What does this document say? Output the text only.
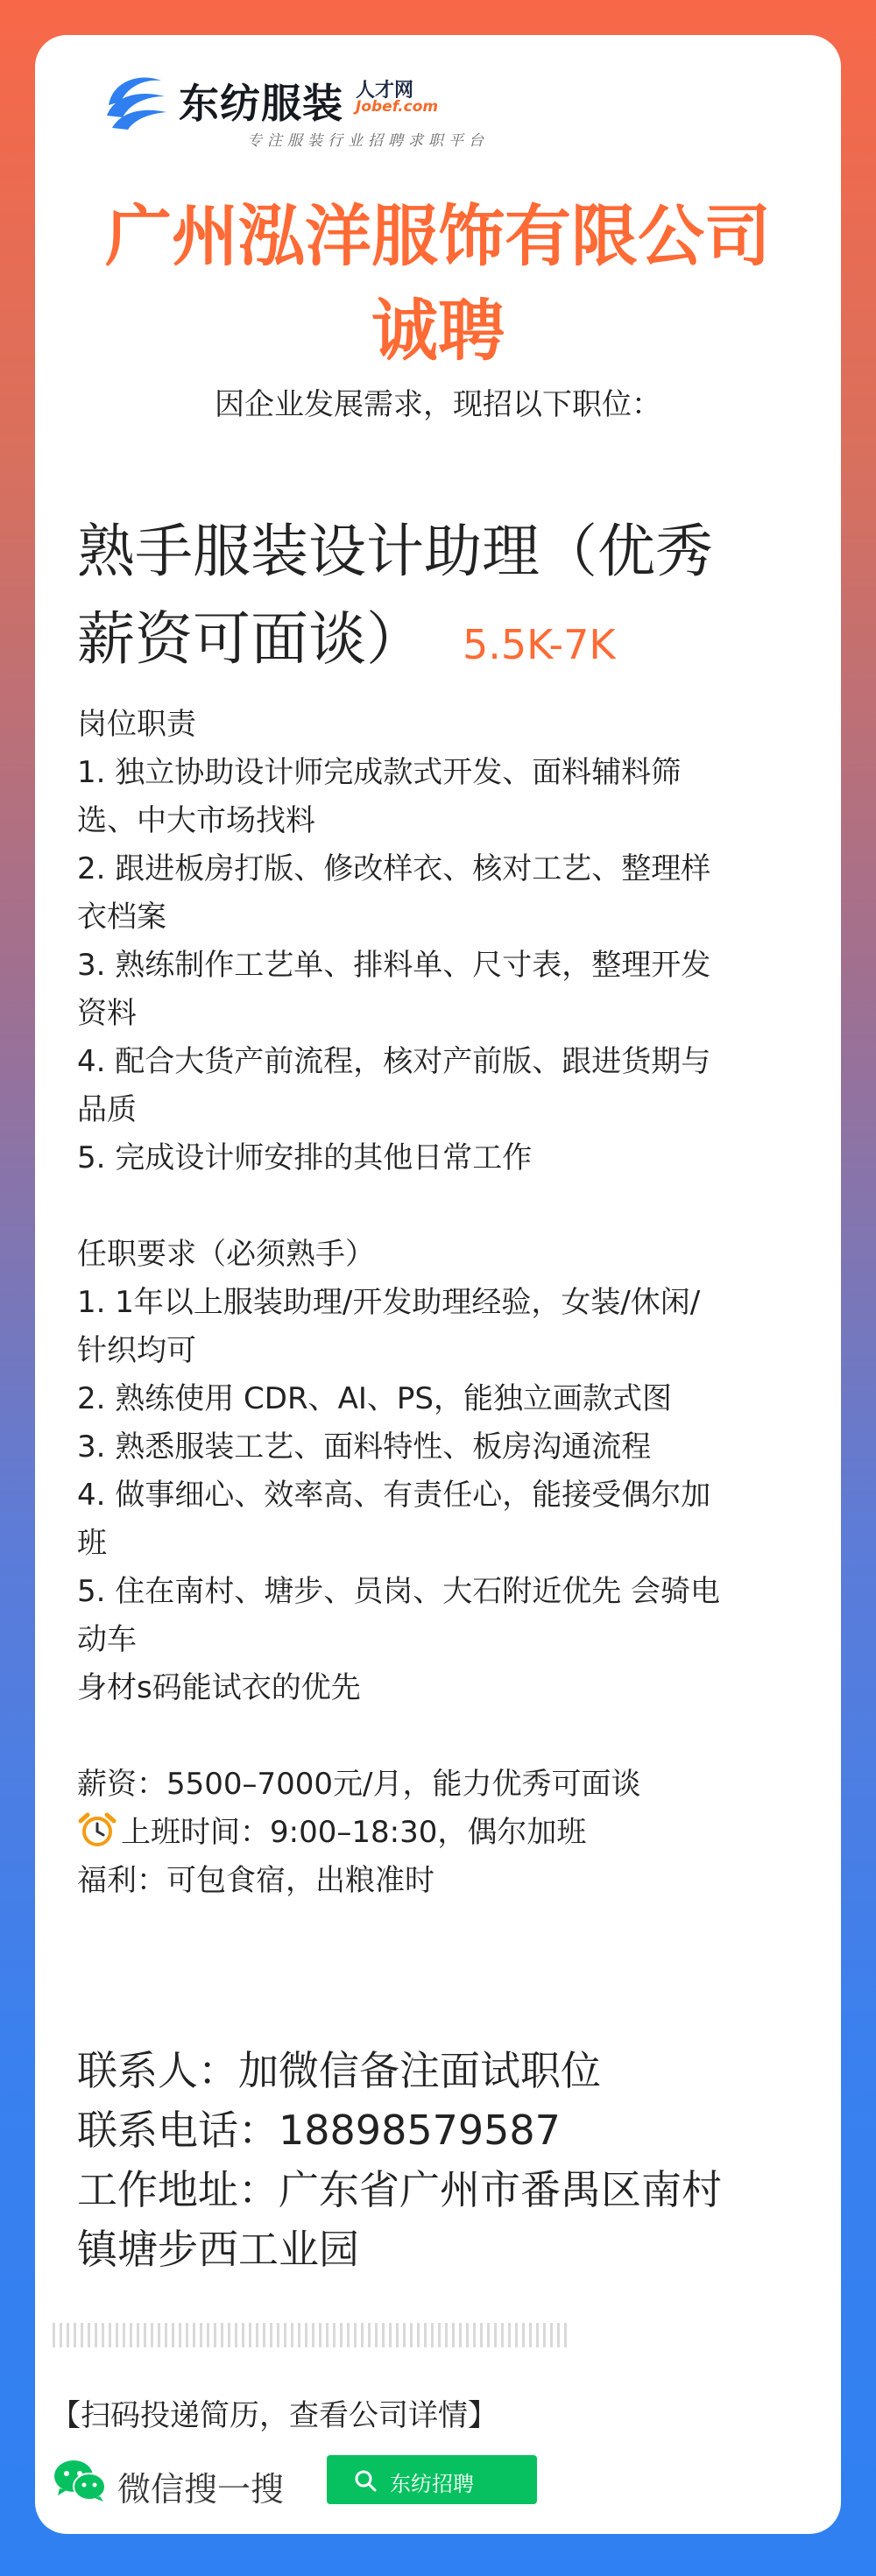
东纺服装 人才网
Jobef.com
专注服装行业招聘求职平台
广州泓洋服饰有限公司
诚聘
因企业发展需求，现招以下职位：
熟手服装设计助理（优秀
薪资可面谈） 5.5K-7K
岗位职责
1. 独立协助设计师完成款式开发、面料辅料筛
选、中大市场找料
2. 跟进板房打版、修改样衣、核对工艺、整理样
衣档案
3. 熟练制作工艺单、排料单、尺寸表，整理开发
资料
4. 配合大货产前流程，核对产前版、跟进货期与
品质
5. 完成设计师安排的其他日常工作
任职要求（必须熟手）
1. 1年以上服装助理/开发助理经验，女装/休闲/
针织均可
2. 熟练使用 CDR、AI、PS，能独立画款式图
3. 熟悉服装工艺、面料特性、板房沟通流程
4. 做事细心、效率高、有责任心，能接受偶尔加
班
5. 住在南村、塘步、员岗、大石附近优先 会骑电
动车
身材s码能试衣的优先
薪资：5500–7000元/月，能力优秀可面谈
上班时间：9:00–18:30，偶尔加班
福利：可包食宿，出粮准时
联系人：加微信备注面试职位
联系电话：18898579587
工作地址：广东省广州市番禺区南村
镇塘步西工业园
【扫码投递简历，查看公司详情】
微信搜一搜	东纺招聘
